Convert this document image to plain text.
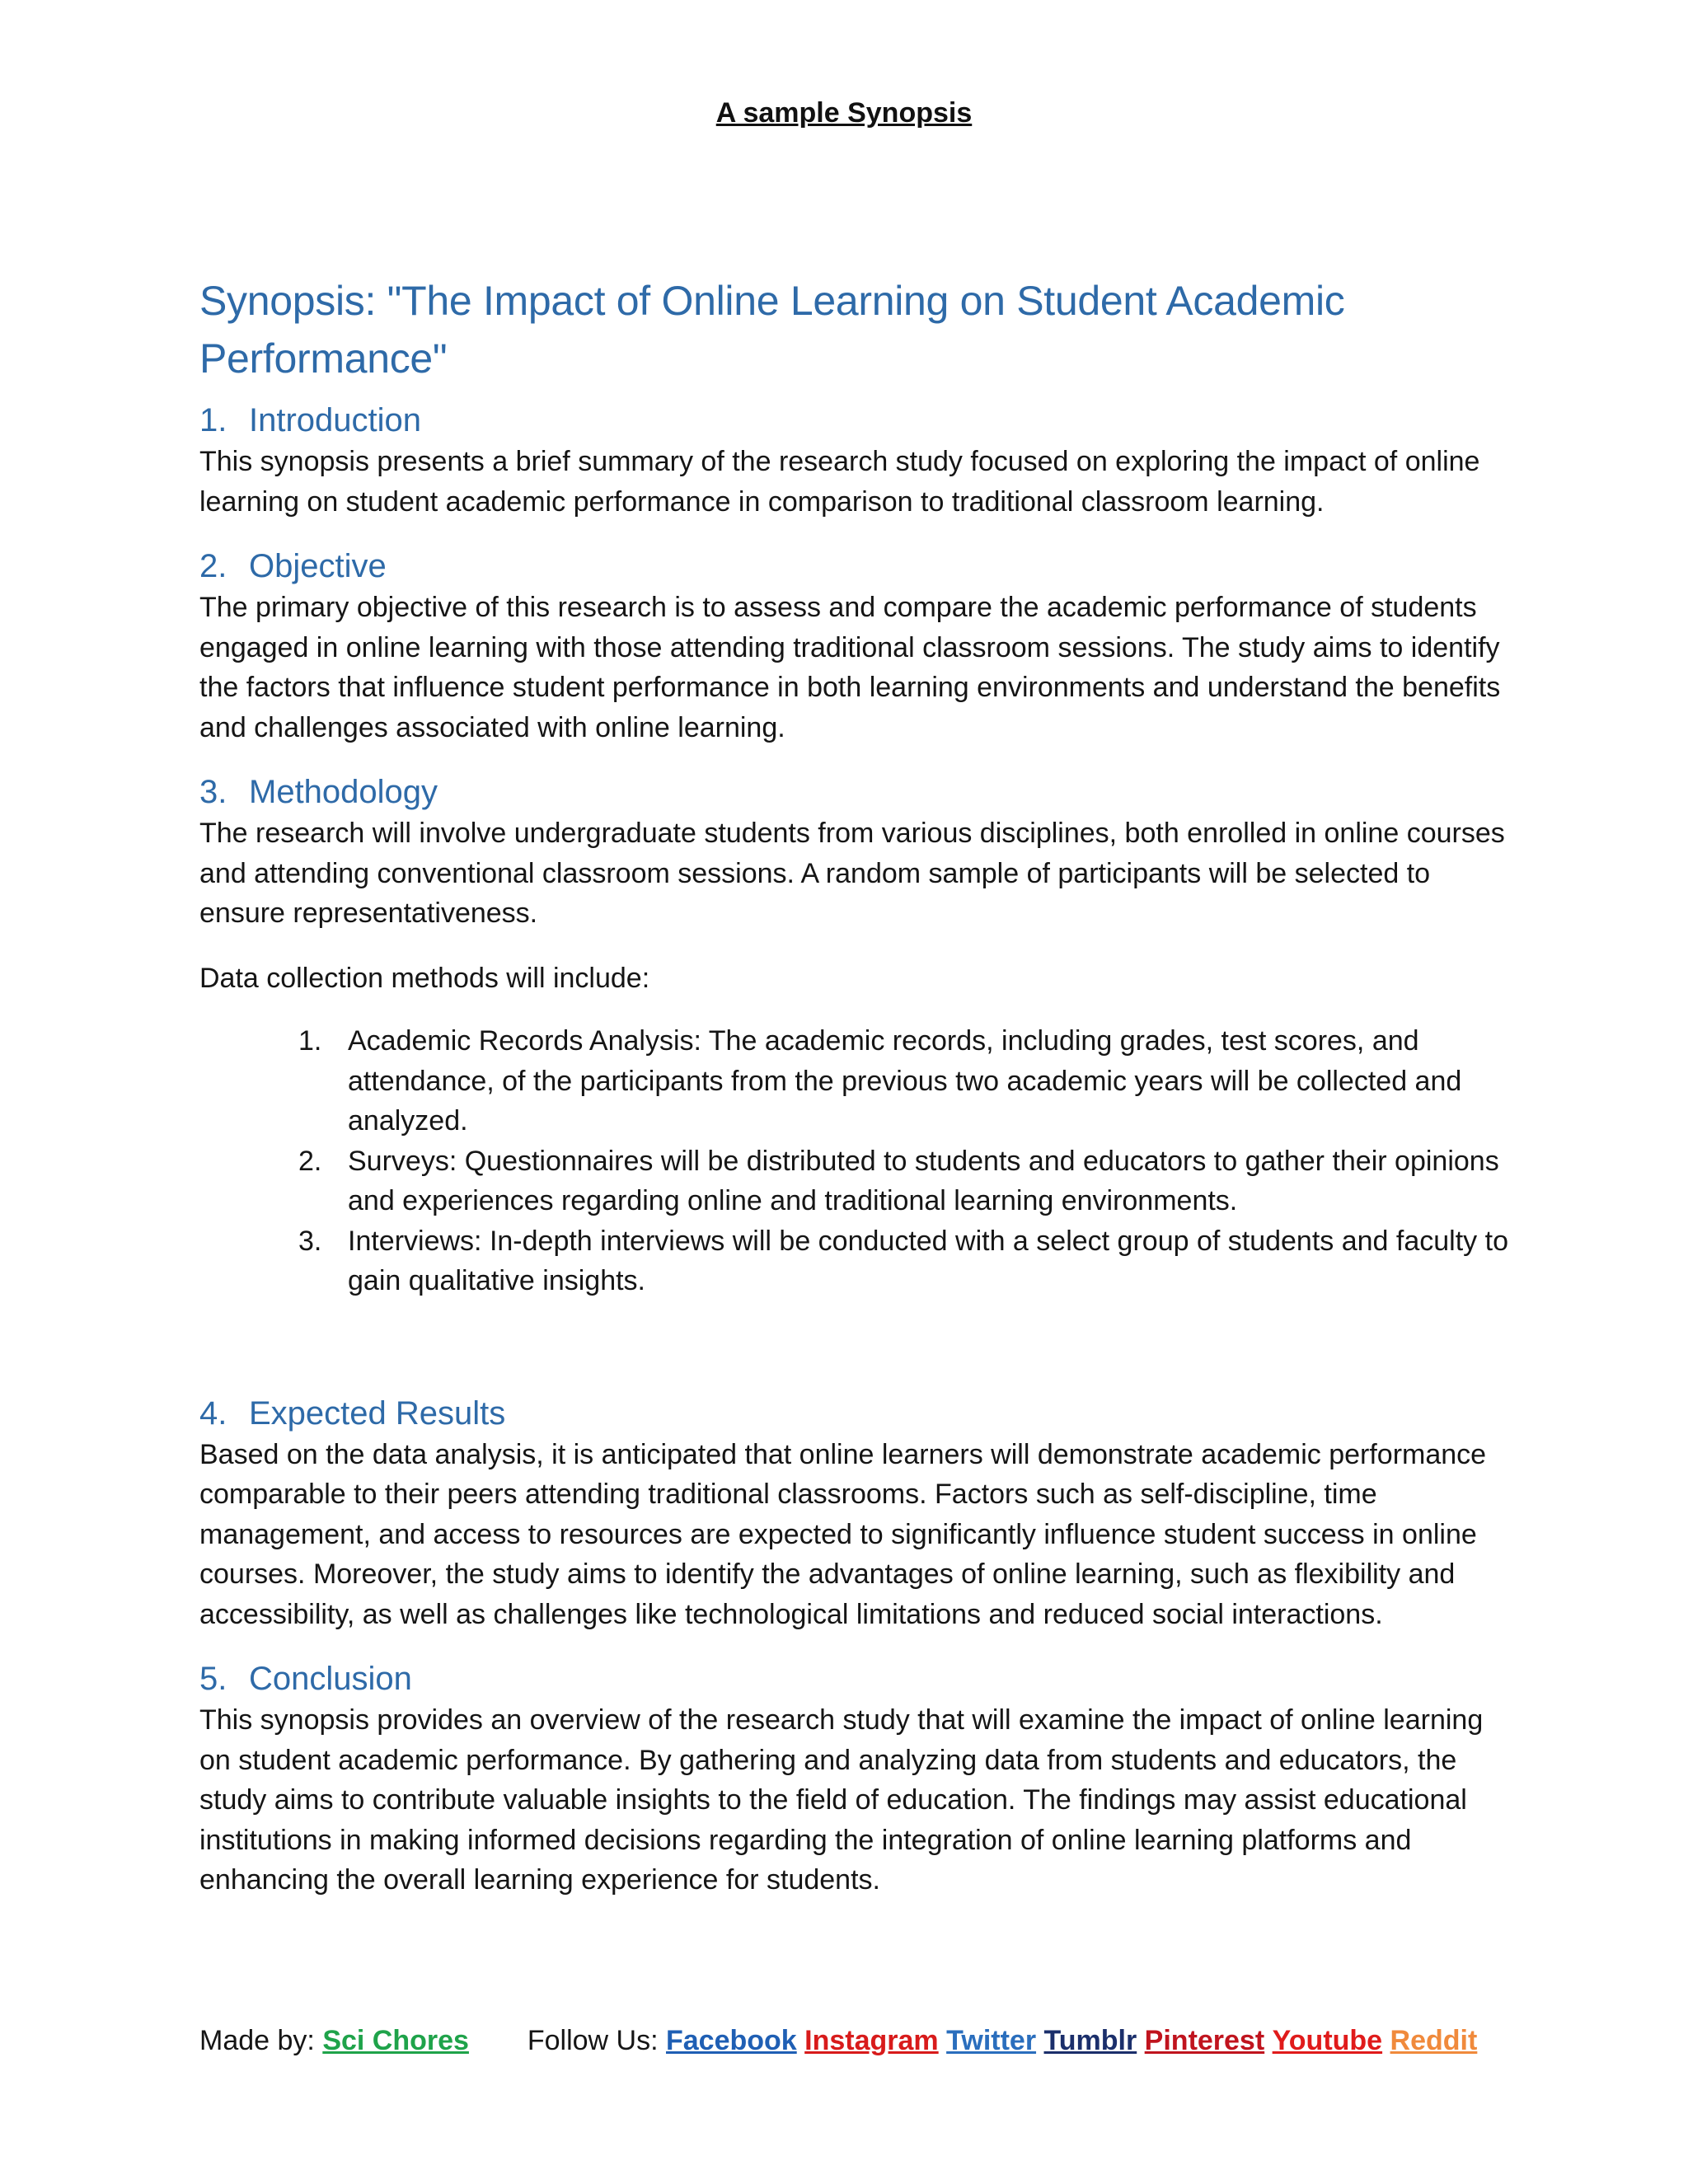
A sample Synopsis
Synopsis: "The Impact of Online Learning on Student Academic Performance"
1. Introduction

This synopsis presents a brief summary of the research study focused on exploring the impact of online learning on student academic performance in comparison to traditional classroom learning.

2. Objective

The primary objective of this research is to assess and compare the academic performance of students engaged in online learning with those attending traditional classroom sessions. The study aims to identify the factors that influence student performance in both learning environments and understand the benefits and challenges associated with online learning.

3. Methodology

The research will involve undergraduate students from various disciplines, both enrolled in online courses and attending conventional classroom sessions. A random sample of participants will be selected to ensure representativeness.

Data collection methods will include:

1. Academic Records Analysis: The academic records, including grades, test scores, and attendance, of the participants from the previous two academic years will be collected and analyzed.
2. Surveys: Questionnaires will be distributed to students and educators to gather their opinions and experiences regarding online and traditional learning environments.
3. Interviews: In-depth interviews will be conducted with a select group of students and faculty to gain qualitative insights.
4. Expected Results

Based on the data analysis, it is anticipated that online learners will demonstrate academic performance comparable to their peers attending traditional classrooms. Factors such as self-discipline, time management, and access to resources are expected to significantly influence student success in online courses. Moreover, the study aims to identify the advantages of online learning, such as flexibility and accessibility, as well as challenges like technological limitations and reduced social interactions.

5. Conclusion

This synopsis provides an overview of the research study that will examine the impact of online learning on student academic performance. By gathering and analyzing data from students and educators, the study aims to contribute valuable insights to the field of education. The findings may assist educational institutions in making informed decisions regarding the integration of online learning platforms and enhancing the overall learning experience for students.

Made by: Sci Chores Follow Us: Facebook Instagram Twitter Tumblr Pinterest Youtube Reddit
